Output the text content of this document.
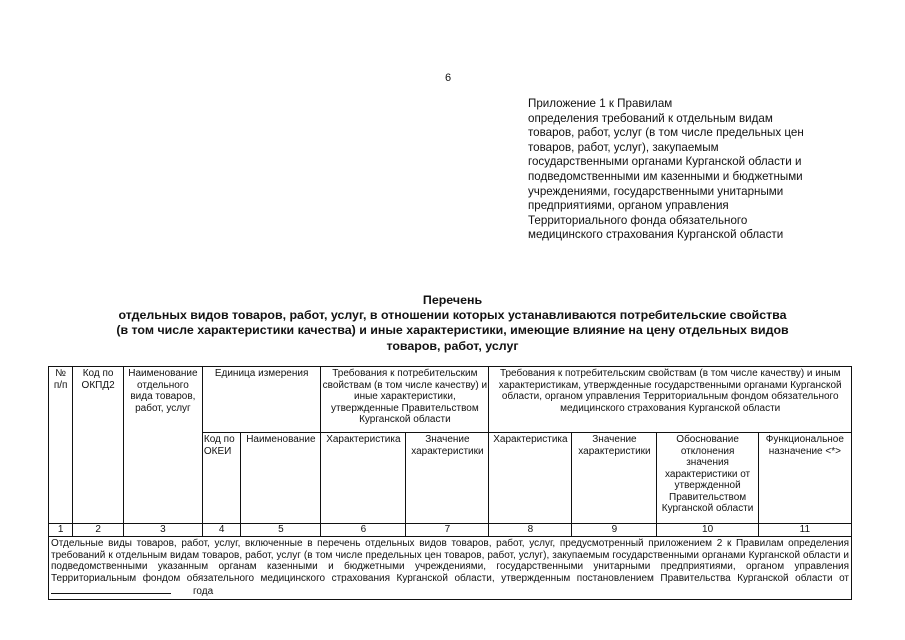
6
Приложение 1 к Правилам
определения требований к отдельным видам
товаров, работ, услуг (в том числе предельных цен
товаров, работ, услуг), закупаемым
государственными органами Курганской области и
подведомственными им казенными и бюджетными
учреждениями, государственными унитарными
предприятиями, органом управления
Территориального фонда обязательного
медицинского страхования Курганской области
Перечень
отдельных видов товаров, работ, услуг, в отношении которых устанавливаются потребительские свойства
(в том числе характеристики качества) и иные характеристики, имеющие влияние на цену отдельных видов
товаров, работ, услуг
№ п/п	Код по ОКПД2	Наименование отдельного вида товаров, работ, услуг	Единица измерения		Требования к потребительским свойствам (в том числе качеству) и иные характеристики, утвержденные Правительством Курганской области		Требования к потребительским свойствам (в том числе качеству) и иным характеристикам, утвержденные государственными органами Курганской области, органом управления Территориальным фондом обязательного медицинского страхования Курганской области			
			Код по ОКЕИ	Наименование	Характеристика	Значение характеристики	Характеристика	Значение характеристики	Обоснование отклонения значения характеристики от утвержденной Правительством Курганской области	Функциональное назначение <*>
1	2	3	4	5	6	7	8	9	10	11
Отдельные виды товаров, работ, услуг, включенные в перечень отдельных видов товаров, работ, услуг, предусмотренный приложением 2 к Правилам определения требований к отдельным видам товаров, работ, услуг (в том числе предельных цен товаров, работ, услуг), закупаемым государственными органами Курганской области и подведомственными указанным органам казенными и бюджетными учреждениями, государственными унитарными предприятиями, органом управления Территориальным фондом обязательного медицинского страхования Курганской области, утвержденным постановлением Правительства Курганской области от года										
